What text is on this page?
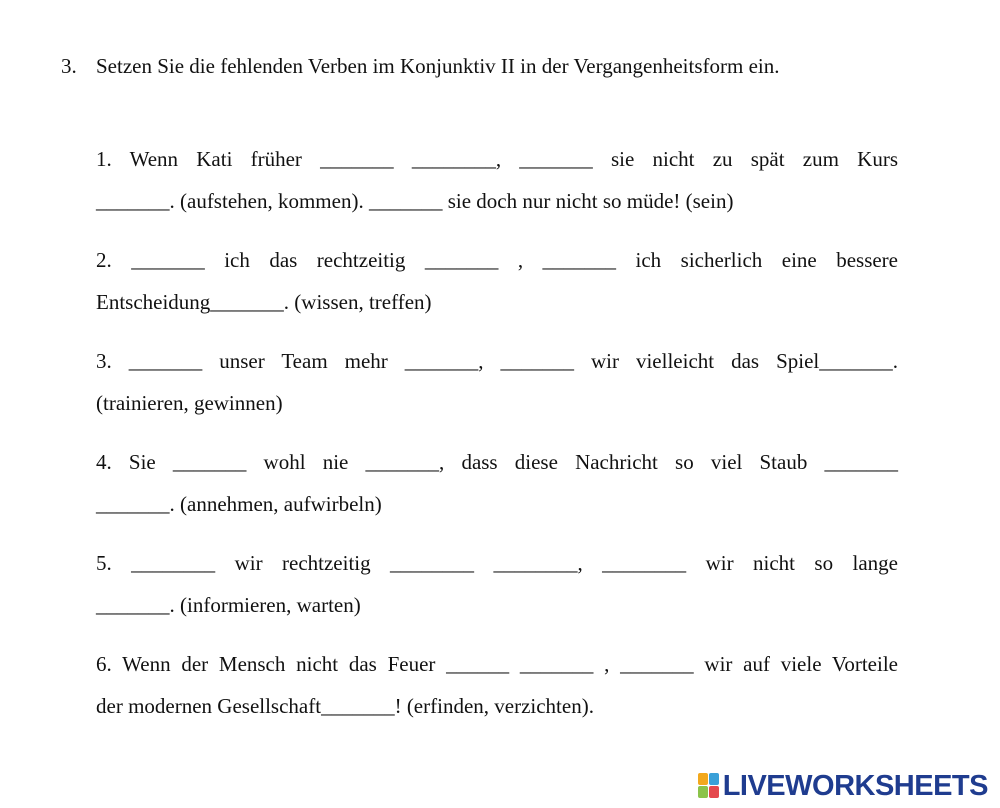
3. Setzen Sie die fehlenden Verben im Konjunktiv II in der Vergangenheitsform ein.
1. Wenn Kati früher _______ ________, _______ sie nicht zu spät zum Kurs
_______. (aufstehen, kommen). _______ sie doch nur nicht so müde! (sein)
2. _______ ich das rechtzeitig _______ , _______ ich sicherlich eine bessere
Entscheidung_______. (wissen, treffen)
3. _______ unser Team mehr _______, _______ wir vielleicht das Spiel_______.
(trainieren, gewinnen)
4. Sie _______ wohl nie _______, dass diese Nachricht so viel Staub _______
_______. (annehmen, aufwirbeln)
5. ________ wir rechtzeitig ________ ________, ________ wir nicht so lange
_______. (informieren, warten)
6. Wenn der Mensch nicht das Feuer ______ _______ , _______ wir auf viele Vorteile
der modernen Gesellschaft_______! (erfinden, verzichten).
LIVEWORKSHEETS
